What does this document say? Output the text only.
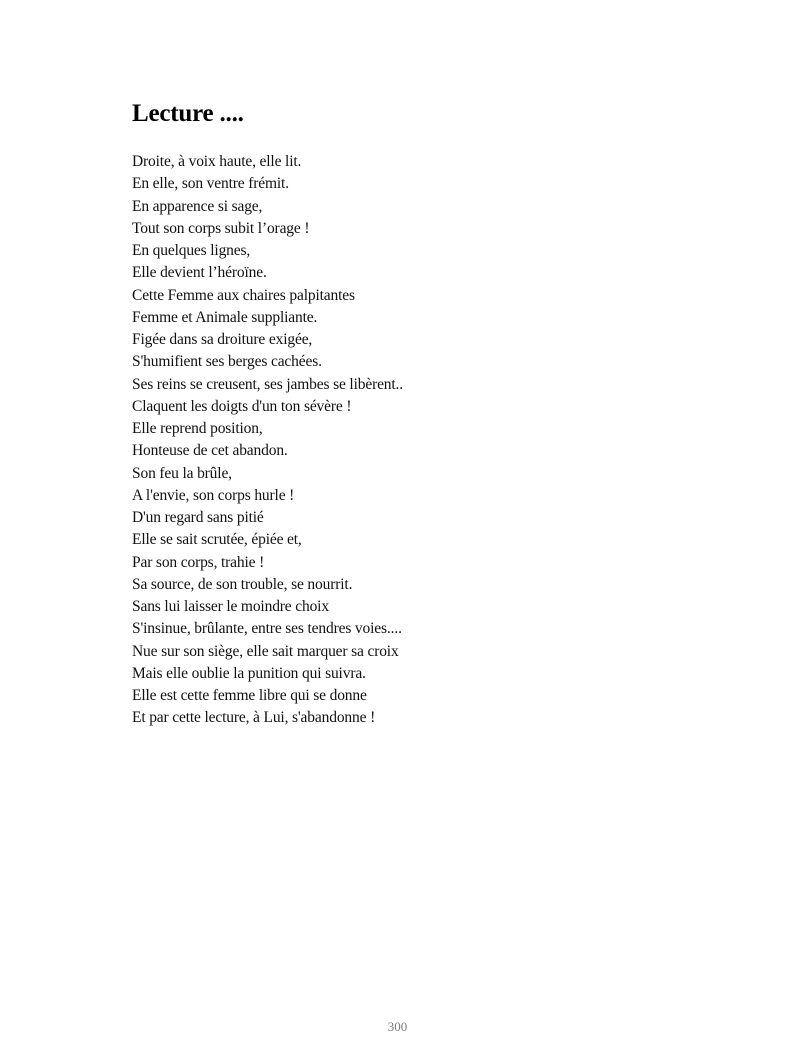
Lecture ....
Droite, à voix haute, elle lit.
En elle, son ventre frémit.
En apparence si sage,
Tout son corps subit l’orage !
En quelques lignes,
Elle devient l’héroïne.
Cette Femme aux chaires palpitantes
Femme et Animale suppliante.
Figée dans sa droiture exigée,
S'humifient ses berges cachées.
Ses reins se creusent, ses jambes se libèrent..
Claquent les doigts d'un ton sévère !
Elle reprend position,
Honteuse de cet abandon.
Son feu la brûle,
A l'envie, son corps hurle !
D'un regard sans pitié
Elle se sait scrutée, épiée et,
Par son corps, trahie !
Sa source, de son trouble, se nourrit.
Sans lui laisser le moindre choix
S'insinue, brûlante, entre ses tendres voies....
Nue sur son siège, elle sait marquer sa croix
Mais elle oublie la punition qui suivra.
Elle est cette femme libre qui se donne
Et par cette lecture, à Lui, s'abandonne !
300
